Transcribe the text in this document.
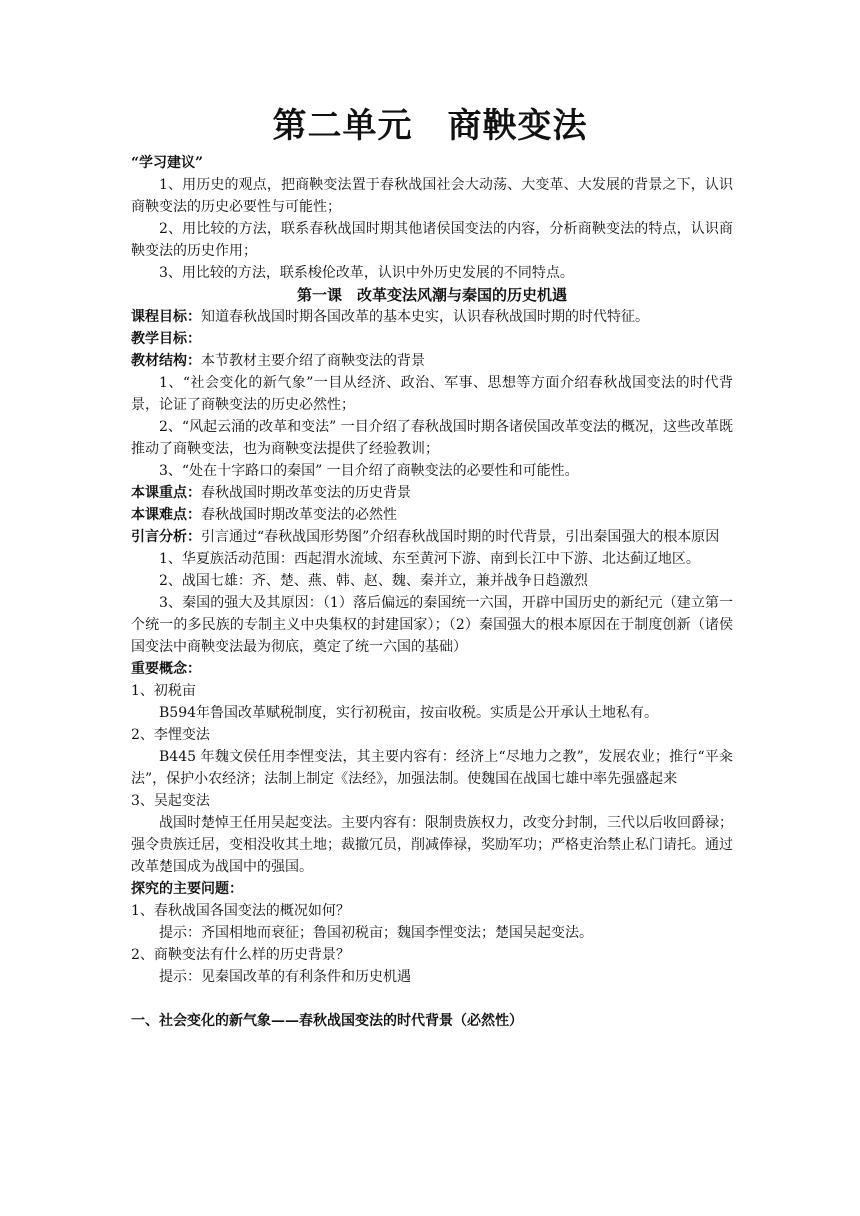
第二单元　商鞅变法

“学习建议”

1、用历史的观点，把商鞅变法置于春秋战国社会大动荡、大变革、大发展的背景之下，认识商鞅变法的历史必要性与可能性；

2、用比较的方法，联系春秋战国时期其他诸侯国变法的内容，分析商鞅变法的特点，认识商鞅变法的历史作用；

3、用比较的方法，联系梭伦改革，认识中外历史发展的不同特点。

第一课　改革变法风潮与秦国的历史机遇

课程目标：知道春秋战国时期各国改革的基本史实，认识春秋战国时期的时代特征。

教学目标：

教材结构：本节教材主要介绍了商鞅变法的背景

1、“社会变化的新气象”一目从经济、政治、军事、思想等方面介绍春秋战国变法的时代背景，论证了商鞅变法的历史必然性；

2、“风起云涌的改革和变法” 一目介绍了春秋战国时期各诸侯国改革变法的概况，这些改革既推动了商鞅变法，也为商鞅变法提供了经验教训；

3、“处在十字路口的秦国” 一目介绍了商鞅变法的必要性和可能性。

本课重点：春秋战国时期改革变法的历史背景

本课难点：春秋战国时期改革变法的必然性

引言分析：引言通过“春秋战国形势图”介绍春秋战国时期的时代背景，引出秦国强大的根本原因

1、华夏族活动范围：西起渭水流域、东至黄河下游、南到长江中下游、北达蓟辽地区。

2、战国七雄：齐、楚、燕、韩、赵、魏、秦并立，兼并战争日趋激烈

3、秦国的强大及其原因：（1）落后偏远的秦国统一六国，开辟中国历史的新纪元（建立第一个统一的多民族的专制主义中央集权的封建国家）；（2）秦国强大的根本原因在于制度创新（诸侯国变法中商鞅变法最为彻底，奠定了统一六国的基础）

重要概念：

1、初税亩

B594年鲁国改革赋税制度，实行初税亩，按亩收税。实质是公开承认土地私有。

2、李悝变法

B445 年魏文侯任用李悝变法，其主要内容有：经济上“尽地力之教”，发展农业；推行“平籴法”，保护小农经济；法制上制定《法经》，加强法制。使魏国在战国七雄中率先强盛起来

3、吴起变法

战国时楚悼王任用吴起变法。主要内容有：限制贵族权力，改变分封制，三代以后收回爵禄；强令贵族迁居，变相没收其土地；裁撤冗员，削减俸禄，奖励军功；严格吏治禁止私门请托。通过改革楚国成为战国中的强国。

探究的主要问题：

1、春秋战国各国变法的概况如何？

提示：齐国相地而衰征；鲁国初税亩；魏国李悝变法；楚国吴起变法。

2、商鞅变法有什么样的历史背景？

提示：见秦国改革的有利条件和历史机遇

一、社会变化的新气象——春秋战国变法的时代背景（必然性）
